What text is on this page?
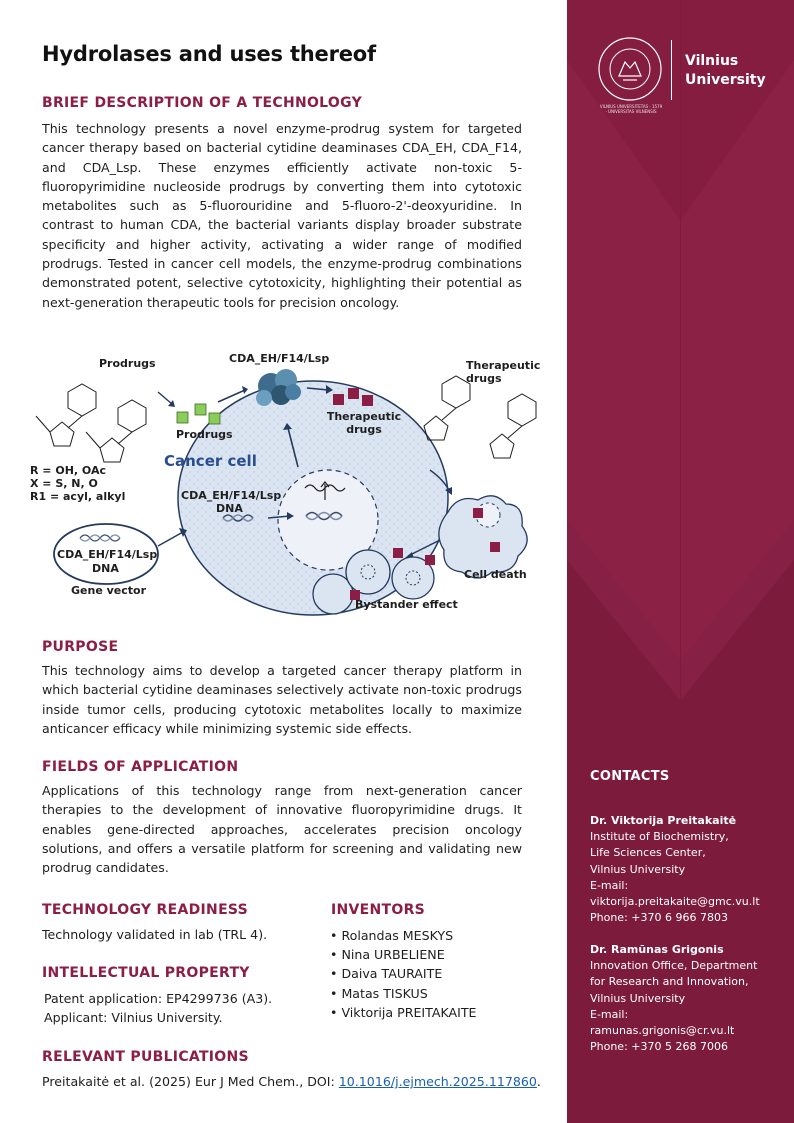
Hydrolases and uses thereof
BRIEF DESCRIPTION OF A TECHNOLOGY

This technology presents a novel enzyme-prodrug system for targeted cancer therapy based on bacterial cytidine deaminases CDA_EH, CDA_F14, and CDA_Lsp. These enzymes efficiently activate non-toxic 5-fluoropyrimidine nucleoside prodrugs by converting them into cytotoxic metabolites such as 5-fluorouridine and 5-fluoro-2'-deoxyuridine. In contrast to human CDA, the bacterial variants display broader substrate specificity and higher activity, activating a wider range of modified prodrugs. Tested in cancer cell models, the enzyme-prodrug combinations demonstrated potent, selective cytotoxicity, highlighting their potential as next-generation therapeutic tools for precision oncology.

Prodrugs	CDA_EH/F14/Lsp
Prodrugs
Therapeutic drugs
Therapeutic drugs
Cancer cell
CDA_EH/F14/Lsp
DNA
CDA_EH/F14/Lsp
DNA
Gene vector
Cell death
Bystander effect
R = OH, OAc
X = S, N, O
R1 = acyl, alkyl
PURPOSE

This technology aims to develop a targeted cancer therapy platform in which bacterial cytidine deaminases selectively activate non-toxic prodrugs inside tumor cells, producing cytotoxic metabolites locally to maximize anticancer efficacy while minimizing systemic side effects.

FIELDS OF APPLICATION

Applications of this technology range from next-generation cancer therapies to the development of innovative fluoropyrimidine drugs. It enables gene-directed approaches, accelerates precision oncology solutions, and offers a versatile platform for screening and validating new prodrug candidates.

TECHNOLOGY READINESS

Technology validated in lab (TRL 4).

INTELLECTUAL PROPERTY

Patent application: EP4299736 (A3).

Applicant: Vilnius University.

INVENTORS
• Rolandas MESKYS
• Nina URBELIENE
• Daiva TAURAITE
• Matas TISKUS
• Viktorija PREITAKAITE
RELEVANT PUBLICATIONS

Preitakaitė et al. (2025) Eur J Med Chem., DOI: 10.1016/j.ejmech.2025.117860.

VILNIUS UNIVERSITETAS · 1579 · UNIVERSITAS VILNENSIS
Vilnius
University
CONTACTS
Dr. Viktorija Preitakaitė
Institute of Biochemistry,
Life Sciences Center,
Vilnius University
E-mail:
viktorija.preitakaite@gmc.vu.lt
Phone: +370 6 966 7803
Dr. Ramūnas Grigonis
Innovation Office, Department
for Research and Innovation,
Vilnius University
E-mail:
ramunas.grigonis@cr.vu.lt
Phone: +370 5 268 7006
